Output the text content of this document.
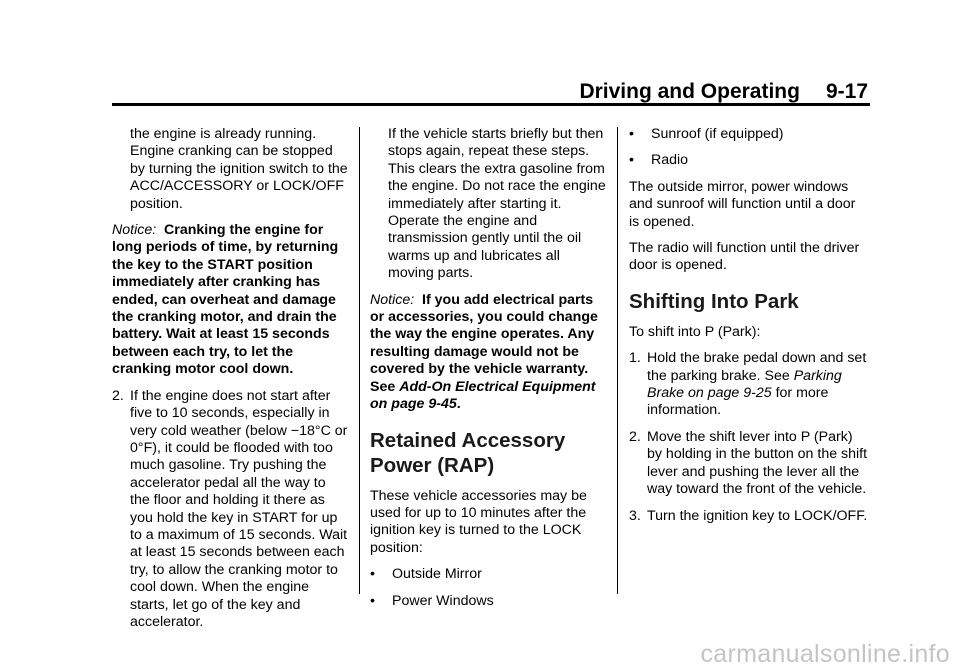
Driving and Operating 9-17

the engine is already running. Engine cranking can be stopped by turning the ignition switch to the ACC/ACCESSORY or LOCK/OFF position.

Notice: Cranking the engine for long periods of time, by returning the key to the START position immediately after cranking has ended, can overheat and damage the cranking motor, and drain the battery. Wait at least 15 seconds between each try, to let the cranking motor cool down.

2. If the engine does not start after five to 10 seconds, especially in very cold weather (below −18°C or 0°F), it could be flooded with too much gasoline. Try pushing the accelerator pedal all the way to the floor and holding it there as you hold the key in START for up to a maximum of 15 seconds. Wait at least 15 seconds between each try, to allow the cranking motor to cool down. When the engine starts, let go of the key and accelerator.

If the vehicle starts briefly but then stops again, repeat these steps. This clears the extra gasoline from the engine. Do not race the engine immediately after starting it. Operate the engine and transmission gently until the oil warms up and lubricates all moving parts.

Notice: If you add electrical parts or accessories, you could change the way the engine operates. Any resulting damage would not be covered by the vehicle warranty. See Add-On Electrical Equipment on page 9-45.

Retained Accessory Power (RAP)

These vehicle accessories may be used for up to 10 minutes after the ignition key is turned to the LOCK position:

•	Outside Mirror
•	Power Windows
•	Sunroof (if equipped)
•	Radio

The outside mirror, power windows and sunroof will function until a door is opened.

The radio will function until the driver door is opened.

Shifting Into Park

To shift into P (Park):

1. Hold the brake pedal down and set the parking brake. See Parking Brake on page 9-25 for more information.
2. Move the shift lever into P (Park) by holding in the button on the shift lever and pushing the lever all the way toward the front of the vehicle.
3. Turn the ignition key to LOCK/OFF.
carmanualsonline.info
